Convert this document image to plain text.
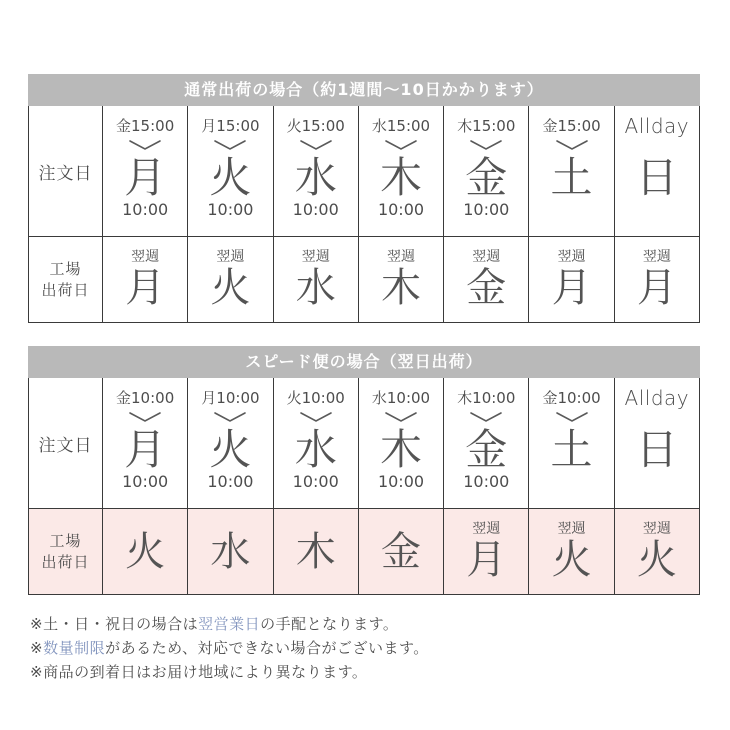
通常出荷の場合（約1週間〜10日かかります）
注文日
金15:00
月
10:00
月15:00
火
10:00
火15:00
水
10:00
水15:00
木
10:00
木15:00
金
10:00
金15:00
土
Allday
日
工場
出荷日
翌週
月
翌週
火
翌週
水
翌週
木
翌週
金
翌週
月
翌週
月
スピード便の場合（翌日出荷）
注文日
金10:00
月
10:00
月10:00
火
10:00
火10:00
水
10:00
水10:00
木
10:00
木10:00
金
10:00
金10:00
土
Allday
日
工場
出荷日 火 水 木 金	翌週
月
翌週
火
翌週
火
※土・日・祝日の場合は翌営業日の手配となります。
※数量制限があるため、対応できない場合がございます。
※商品の到着日はお届け地域により異なります。
